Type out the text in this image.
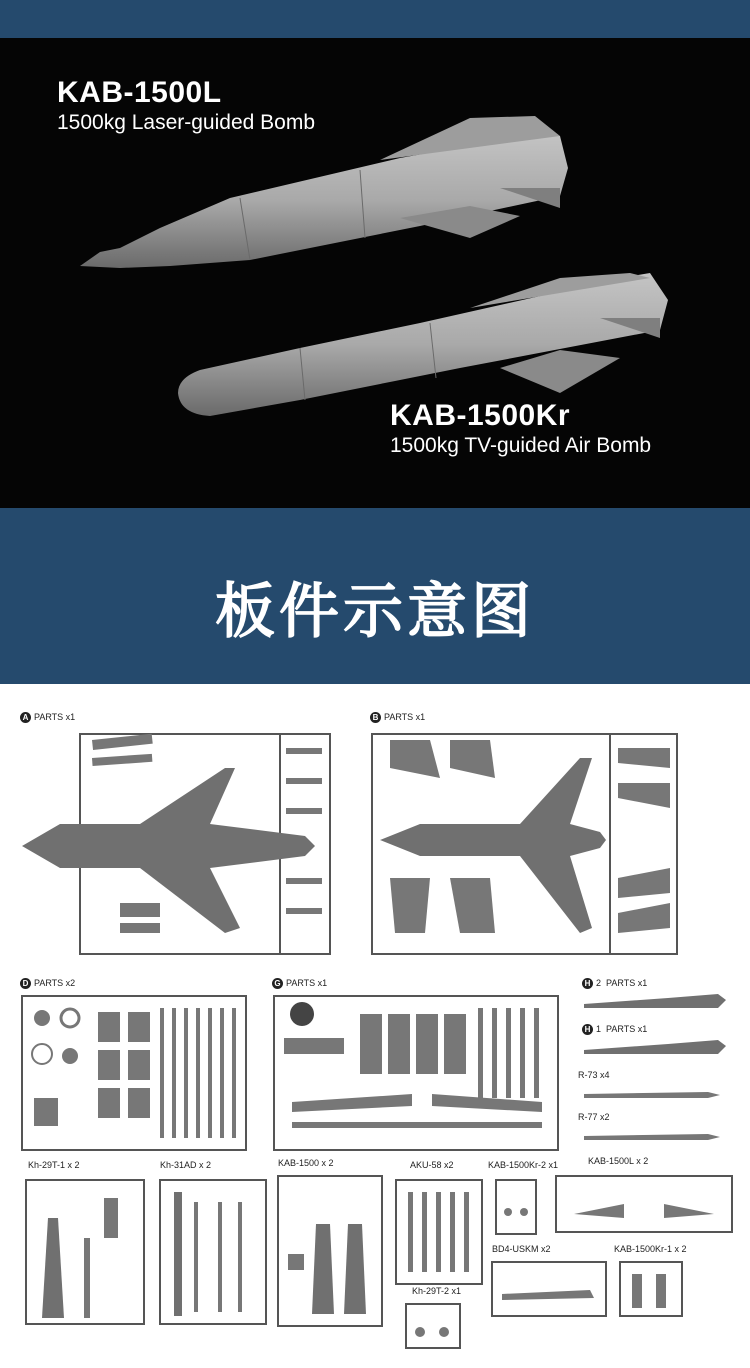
KAB-1500L
1500kg Laser-guided Bomb
KAB-1500Kr
1500kg TV-guided Air Bomb
板件示意图
A PARTS x1	B PARTS x1
D PARTS x2	G PARTS x1	H 2 PARTS x1
H 1 PARTS x1
R-73 x4
R-77 x2
Kh-29T-1 x 2	Kh-31AD x 2	KAB-1500 x 2	AKU-58 x2	KAB-1500Kr-2 x1	KAB-1500L x 2
BD4-USKM x2	KAB-1500Kr-1 x 2
Kh-29T-2 x1
